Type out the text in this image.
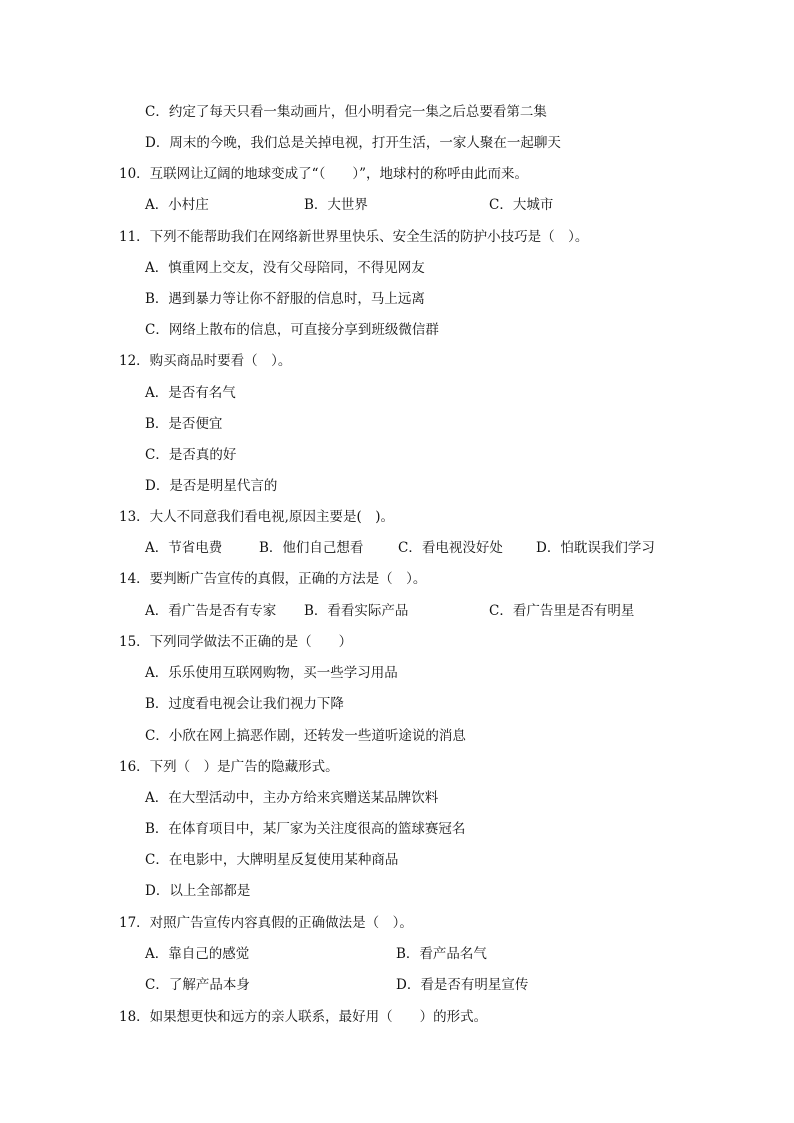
C．约定了每天只看一集动画片，但小明看完一集之后总要看第二集
D．周末的今晚，我们总是关掉电视，打开生活，一家人聚在一起聊天
10．互联网让辽阔的地球变成了“（　　）”，地球村的称呼由此而来。
A．小村庄	B．大世界	C．大城市
11．下列不能帮助我们在网络新世界里快乐、安全生活的防护小技巧是（　）。
A．慎重网上交友，没有父母陪同，不得见网友
B．遇到暴力等让你不舒服的信息时，马上远离
C．网络上散布的信息，可直接分享到班级微信群
12．购买商品时要看（　）。
A．是否有名气
B．是否便宜
C．是否真的好
D．是否是明星代言的
13．大人不同意我们看电视,原因主要是(　)。
A．节省电费	B．他们自己想看	C．看电视没好处 D．怕耽误我们学习
14．要判断广告宣传的真假，正确的方法是（　）。
A．看广告是否有专家 B．看看实际产品	C．看广告里是否有明星
15．下列同学做法不正确的是（　　）
A．乐乐使用互联网购物，买一些学习用品
B．过度看电视会让我们视力下降
C．小欣在网上搞恶作剧，还转发一些道听途说的消息
16．下列（　）是广告的隐藏形式。
A．在大型活动中，主办方给来宾赠送某品牌饮料
B．在体育项目中，某厂家为关注度很高的篮球赛冠名
C．在电影中，大牌明星反复使用某种商品
D．以上全部都是
17．对照广告宣传内容真假的正确做法是（　）。
A．靠自己的感觉	B．看产品名气
C．了解产品本身	D．看是否有明星宣传
18．如果想更快和远方的亲人联系，最好用（　　）的形式。
